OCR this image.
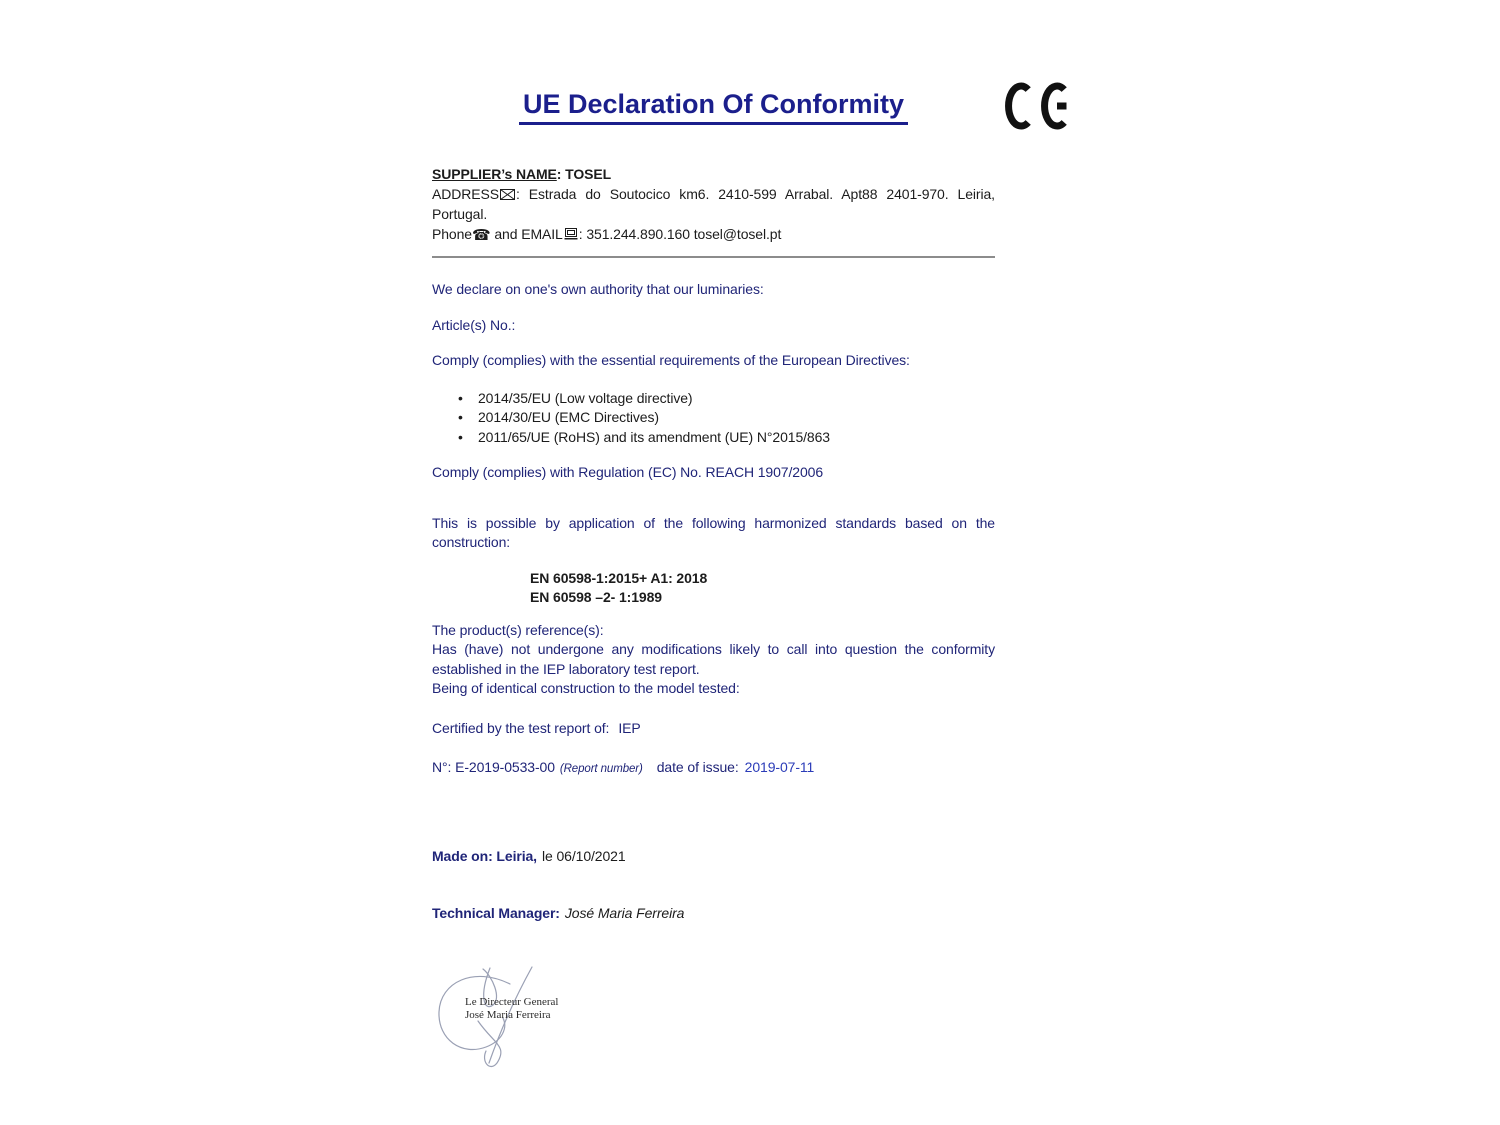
UE Declaration Of Conformity

SUPPLIER’s NAME: TOSEL

ADDRESS : Estrada do Soutocico km6. 2410-599 Arrabal. Apt88 2401-970. Leiria, Portugal.

Phone☎ and EMAIL : 351.244.890.160 tosel@tosel.pt

We declare on one's own authority that our luminaries:

Article(s) No.:

Comply (complies) with the essential requirements of the European Directives:

• 2014/35/EU (Low voltage directive)
• 2014/30/EU (EMC Directives)
• 2011/65/UE (RoHS) and its amendment (UE) N°2015/863

Comply (complies) with Regulation (EC) No. REACH 1907/2006

This is possible by application of the following harmonized standards based on the construction:

EN 60598-1:2015+ A1: 2018

EN 60598 –2- 1:1989

The product(s) reference(s):

Has (have) not undergone any modifications likely to call into question the conformity established in the IEP laboratory test report.

Being of identical construction to the model tested:

Certified by the test report of: IEP

N°: E-2019-0533-00 (Report number) date of issue: 2019-07-11

Made on: Leiria, le 06/10/2021

Technical Manager: José Maria Ferreira

Le Directeur General
José Maria Ferreira
